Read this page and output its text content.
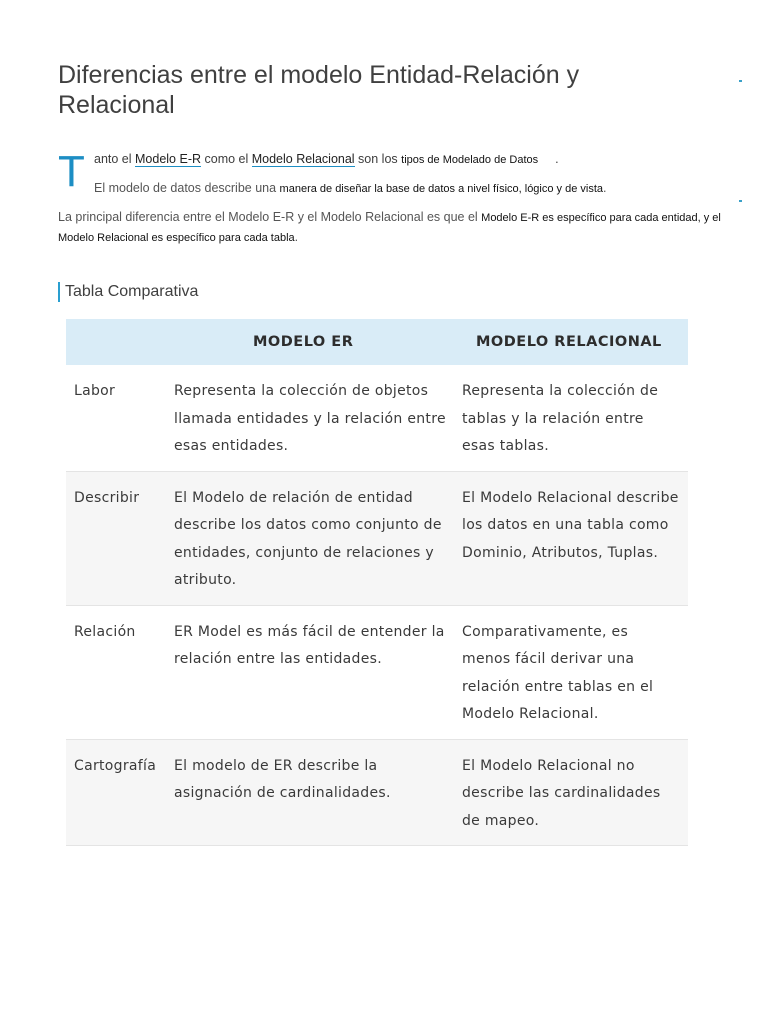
Diferencias entre el modelo Entidad-Relación y Relacional
T anto el Modelo E-R como el Modelo Relacional son los tipos de Modelado de Datos .
El modelo de datos describe una manera de diseñar la base de datos a nivel físico, lógico y de vista.
La principal diferencia entre el Modelo E-R y el Modelo Relacional es que el Modelo E-R es específico para cada entidad, y el Modelo Relacional es específico para cada tabla.
Tabla Comparativa
	MODELO ER	MODELO RELACIONAL
Labor	Representa la colección de objetos llamada entidades y la relación entre esas entidades.	Representa la colección de tablas y la relación entre esas tablas.
Describir	El Modelo de relación de entidad describe los datos como conjunto de entidades, conjunto de relaciones y atributo.	El Modelo Relacional describe los datos en una tabla como Dominio, Atributos, Tuplas.
Relación	ER Model es más fácil de entender la relación entre las entidades.	Comparativamente, es menos fácil derivar una relación entre tablas en el Modelo Relacional.
Cartografía	El modelo de ER describe la asignación de cardinalidades.	El Modelo Relacional no describe las cardinalidades de mapeo.
